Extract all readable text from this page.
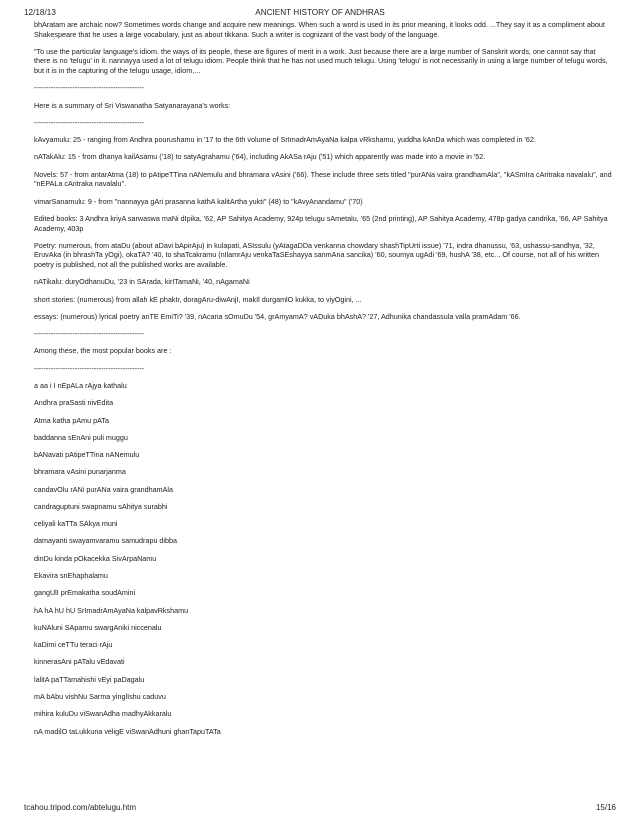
12/18/13	ANCIENT HISTORY OF ANDHRAS

bhAratam are archaic now? Sometimes words change and acquire new meanings. When such a word is used in its prior meaning, it looks odd. ...They say it as a compliment about Shakespeare that he uses a large vocabulary, just as about tikkana. Such a writer is cognizant of the vast body of the language.

"To use the particular language's idiom. the ways of its people, these are figures of merit in a work. Just because there are a large number of Sanskrit words, one cannot say that there is no 'telugu' in it. nannayya used a lot of telugu idiom. People think that he has not used much telugu. Using 'telugu' is not necessarily in using a large number of telugu words, but it is in the capturing of the telugu usage, idiom,...

----------------------------------------------

Here is a summary of Sri Viswanatha Satyanarayana's works:

----------------------------------------------

kAvyamulu: 25 - ranging from Andhra pourushamu in '17 to the 6th volume of SrImadrAmAyaNa kalpa vRkshamu, yuddha kAnDa which was completed in '62.

nATakAlu: 15 - from dhanya kailAsamu ('18) to satyAgrahamu ('64), including AkASa rAju ('51) which apparently was made into a movie in '52.

Novels: 57 - from antarAtma (18) to pAtipeTTina nANemulu and bhramara vAsini ('66). These include three sets titled "purANa vaira grandhamAla", "kASmIra cAritraka navalalu", and "nEPALa cAritraka navalalu".

vimarSanamulu: 9 - from "nannayya gAri prasanna kathA kalitArtha yukti" (48) to "kAvyAnandamu" ('70)

Edited books: 3 Andhra kriyA sarwaswa maNi dIpika, '62, AP Sahitya Academy, 924p telugu sAmetalu, '65 (2nd printing), AP Sahitya Academy, 478p gadya candrika, '66, AP Sahitya Academy, 403p

Poetry: numerous, from ataDu (about aDavi bApirAju) in kulapati, ASIssulu (yAtagaDDa venkanna chowdary shashTipUrti issue) '71, indra dhanussu, '63, ushassu-sandhya, '32, EruvAka (in bhrashTa yOgi), okaTA? '40, to shaTcakramu (nIlamrAju venkaTaSEshayya sanmAna sancika) '60, soumya ugAdi '69, hushA '38, etc... Of course, not all of his written poetry is published, not all the published works are available.

nATikalu: duryOdhanuDu, '23 in SArada, kirITamaNi, '40, nAgamaNi

short stories: (numerous) from allah kE phakIr, doragAru-diwAnjI, makIl durgamlO kukka, to viyOgini, ...

essays: (numerous) lyrical poetry anTE EmiTi? '39, nAcana sOmuDu '54, grAmyamA? vADuka bhAshA? '27, Adhunika chandassula valla pramAdam '66.

----------------------------------------------

Among these, the most popular books are :

----------------------------------------------

a aa i I nEpALa rAjya kathalu

Andhra praSasti nivEdita

Atma katha pAmu pATa

baddanna sEnAni puli muggu

bANavati pAtipeTTina nANemulu

bhramara vAsini punarjanma

candavOlu rANi purANa vaira grandhamAla

candraguptuni swapnamu sAhitya surabhi

celiyali kaTTa SAkya muni

damayanti swayamvaramu samudrapu dibba

dinDu kinda pOkacekka SivArpaNamu

Ekavira snEhaphalamu

gangUlI prEmakatha soudAmini

hA hA hU hU SrImadrAmAyaNa kalpavRkshamu

kuNAluni SApamu swargAniki niccenalu

kaDimi ceTTu teraci rAju

kinnerasAni pATalu vEdavati

lalitA paTTamahishi vEyi paDagalu

mA bAbu vishNu Sarma yinglIshu caduvu

mihira kuluDu viSwanAdha madhyAkkaralu

nA madilO taLukkuna veligE viSwanAdhuni ghanTapuTATa

tcahou.tripod.com/abtelugu.htm	15/16
